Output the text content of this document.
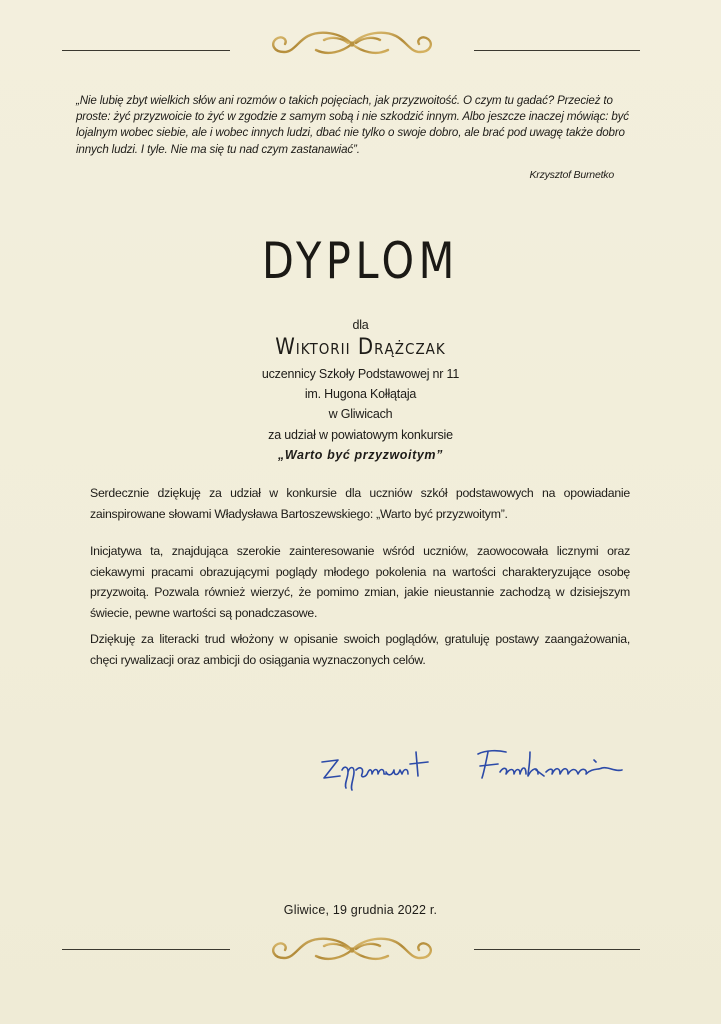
„Nie lubię zbyt wielkich słów ani rozmów o takich pojęciach, jak przyzwoitość. O czym tu gadać? Przecież to proste: żyć przyzwoicie to żyć w zgodzie z samym sobą i nie szkodzić innym. Albo jeszcze inaczej mówiąc: być lojalnym wobec siebie, ale i wobec innych ludzi, dbać nie tylko o swoje dobro, ale brać pod uwagę także dobro innych ludzi. I tyle. Nie ma się tu nad czym zastanawiać”.
Krzysztof Burnetko
DYPLOM
dla
Wiktorii Drążczak
uczennicy Szkoły Podstawowej nr 11
im. Hugona Kołłątaja
w Gliwicach
za udział w powiatowym konkursie
„Warto być przyzwoitym”
Serdecznie dziękuję za udział w konkursie dla uczniów szkół podstawowych na opowiadanie zainspirowane słowami Władysława Bartoszewskiego: „Warto być przyzwoitym”.
Inicjatywa ta, znajdująca szerokie zainteresowanie wśród uczniów, zaowocowała licznymi oraz ciekawymi pracami obrazującymi poglądy młodego pokolenia na wartości charakteryzujące osobę przyzwoitą. Pozwala również wierzyć, że pomimo zmian, jakie nieustannie zachodzą w dzisiejszym świecie, pewne wartości są ponadczasowe.
Dziękuję za literacki trud włożony w opisanie swoich poglądów, gratuluję postawy zaangażowania, chęci rywalizacji oraz ambicji do osiągania wyznaczonych celów.
Gliwice, 19 grudnia 2022 r.
